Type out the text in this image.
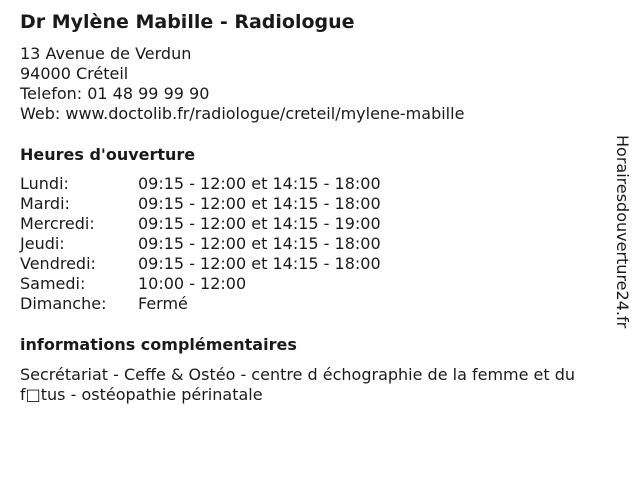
Dr Mylène Mabille - Radiologue
13 Avenue de Verdun
94000 Créteil
Telefon: 01 48 99 99 90
Web: www.doctolib.fr/radiologue/creteil/mylene-mabille
Heures d'ouverture
Lundi:	09:15 - 12:00 et 14:15 - 18:00
Mardi:	09:15 - 12:00 et 14:15 - 18:00
Mercredi:	09:15 - 12:00 et 14:15 - 19:00
Jeudi:	09:15 - 12:00 et 14:15 - 18:00
Vendredi:	09:15 - 12:00 et 14:15 - 18:00
Samedi:	10:00 - 12:00
Dimanche:	Fermé
informations complémentaires
Secrétariat - Ceffe & Ostéo - centre d échographie de la femme et du f□tus - ostéopathie périnatale
Horairesdouverture24.fr
